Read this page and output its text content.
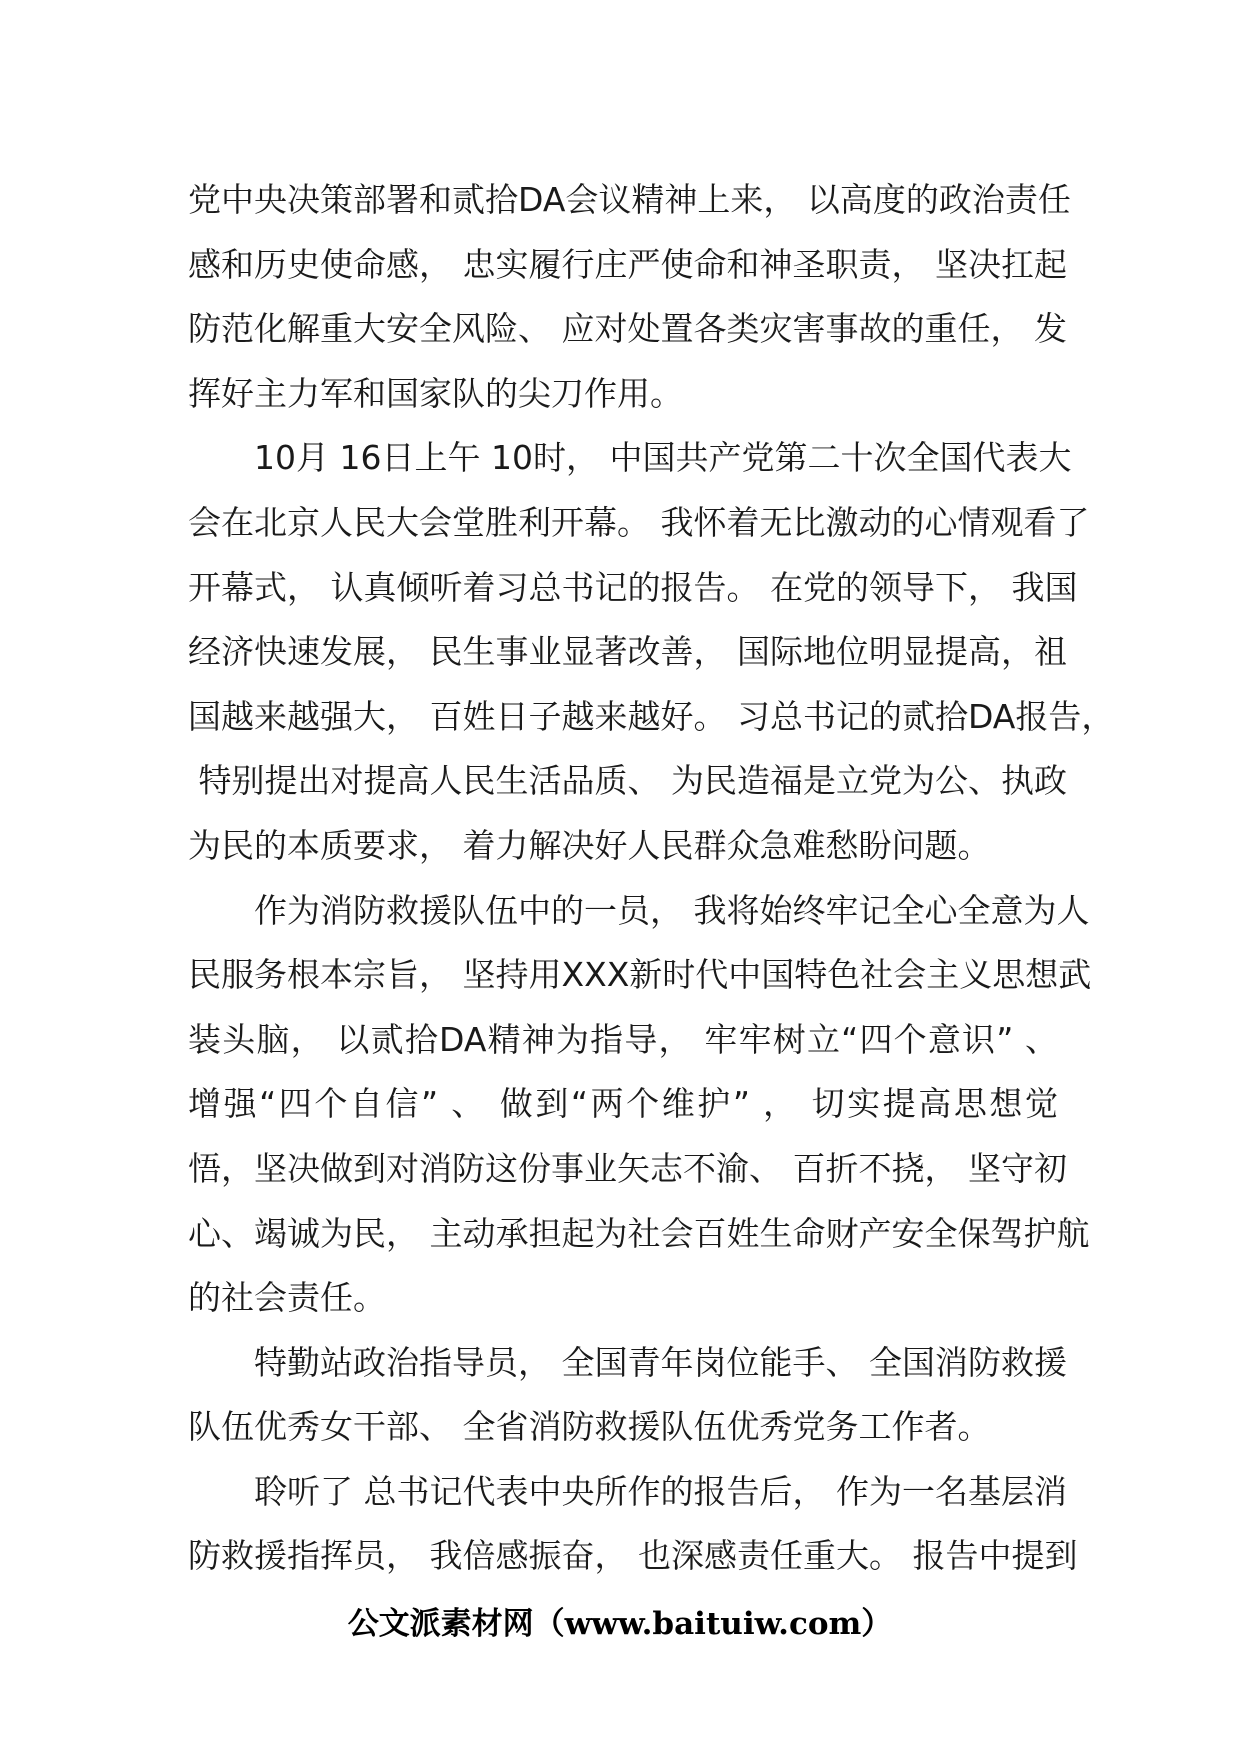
党中央决策部署和贰拾DA会议精神上来， 以高度的政治责任
感和历史使命感， 忠实履行庄严使命和神圣职责， 坚决扛起
防范化解重大安全风险、 应对处置各类灾害事故的重任， 发
挥好主力军和国家队的尖刀作用。
　　10月 16日上午 10时， 中国共产党第二十次全国代表大
会在北京人民大会堂胜利开幕。 我怀着无比激动的心情观看了
开幕式， 认真倾听着习总书记的报告。 在党的领导下， 我国
经济快速发展， 民生事业显著改善， 国际地位明显提高，祖
国越来越强大， 百姓日子越来越好。 习总书记的贰拾DA报告，
特别提出对提高人民生活品质、 为民造福是立党为公、执政
为民的本质要求， 着力解决好人民群众急难愁盼问题。
　　作为消防救援队伍中的一员， 我将始终牢记全心全意为人
民服务根本宗旨， 坚持用XXX新时代中国特色社会主义思想武
装头脑， 以贰拾DA精神为指导， 牢牢树立“四个意识” 、
增强“四个自信” 、 做到“两个维护” ， 切实提高思想觉
悟，坚决做到对消防这份事业矢志不渝、 百折不挠， 坚守初
心、竭诚为民， 主动承担起为社会百姓生命财产安全保驾护航
的社会责任。
　　特勤站政治指导员， 全国青年岗位能手、 全国消防救援
队伍优秀女干部、 全省消防救援队伍优秀党务工作者。
　　聆听了 总书记代表中央所作的报告后， 作为一名基层消
防救援指挥员， 我倍感振奋， 也深感责任重大。 报告中提到
公文派素材网（www.baituiw.com）
